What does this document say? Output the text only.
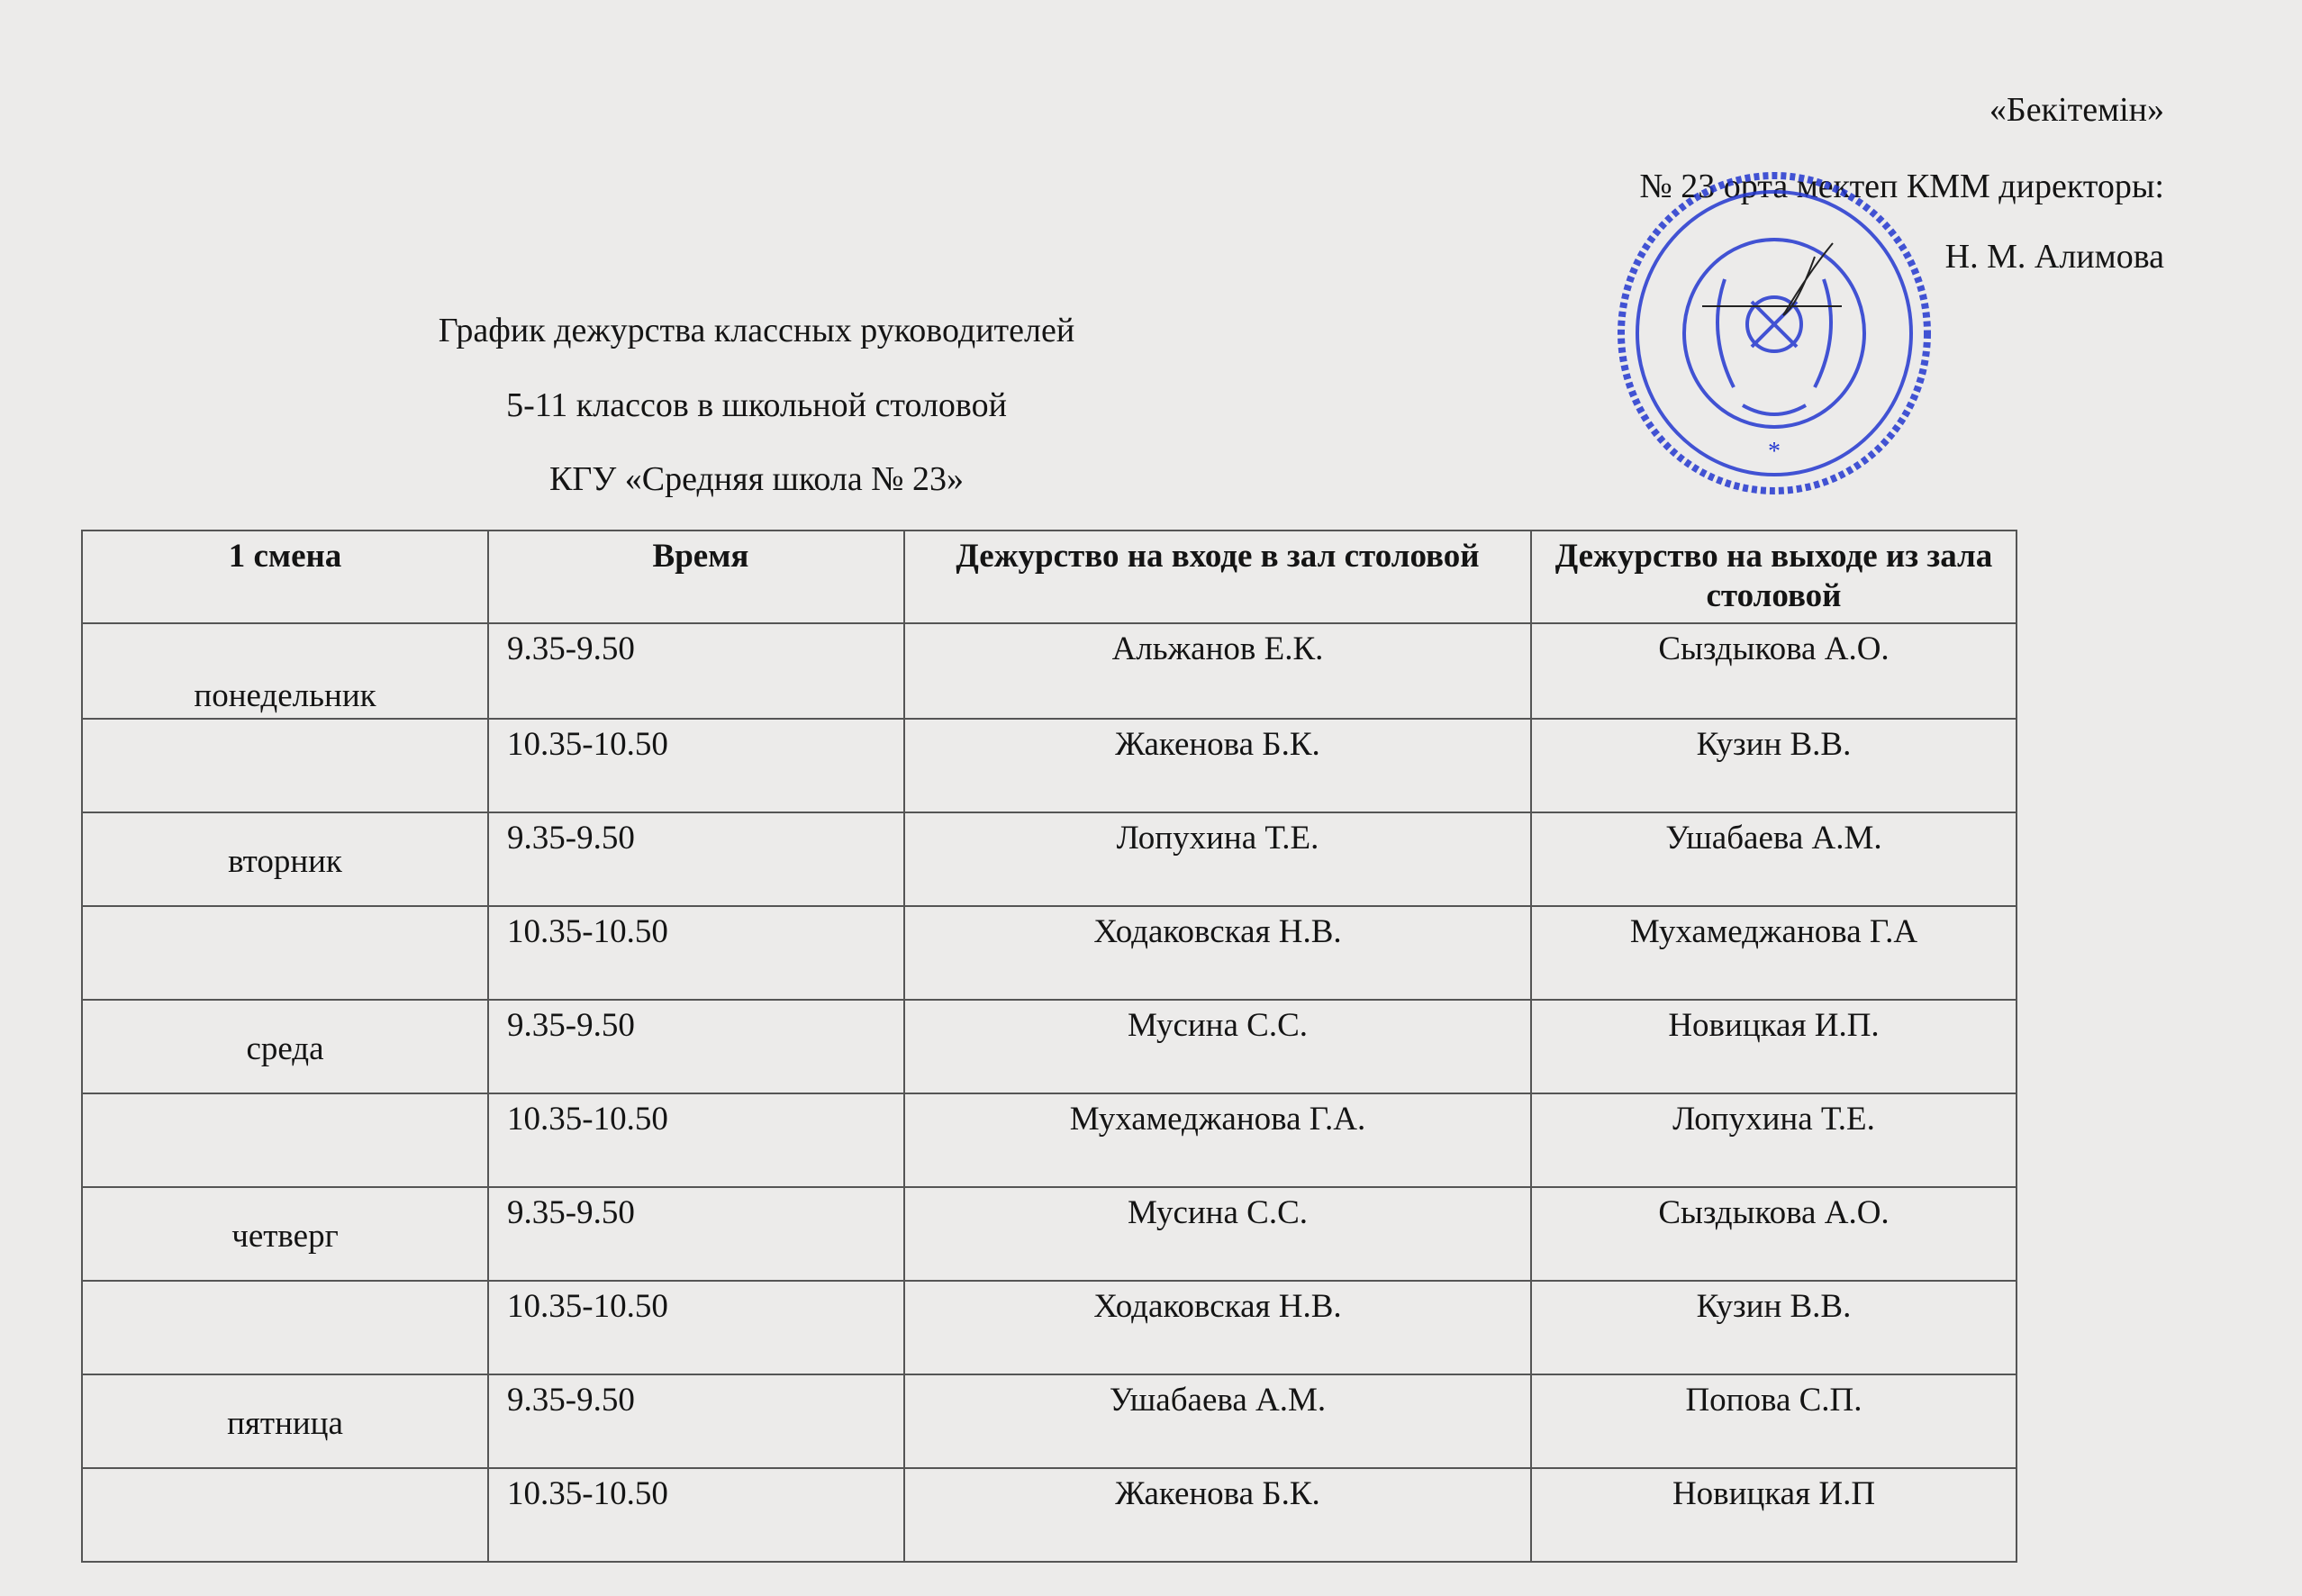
«Бекітемін»
№ 23 орта мектеп КММ директоры:
Н. М. Алимова
График дежурства классных руководителей
5-11 классов в школьной столовой
КГУ «Средняя школа № 23»
*
1 смена	Время	Дежурство на входе в зал столовой	Дежурство на выходе из зала столовой
понедельник	9.35-9.50	Альжанов Е.К.	Сыздыкова А.О.
	10.35-10.50	Жакенова Б.К.	Кузин В.В.
вторник	9.35-9.50	Лопухина Т.Е.	Ушабаева А.М.
	10.35-10.50	Ходаковская Н.В.	Мухамеджанова Г.А
среда	9.35-9.50	Мусина С.С.	Новицкая И.П.
	10.35-10.50	Мухамеджанова Г.А.	Лопухина Т.Е.
четверг	9.35-9.50	Мусина С.С.	Сыздыкова А.О.
	10.35-10.50	Ходаковская Н.В.	Кузин В.В.
пятница	9.35-9.50	Ушабаева А.М.	Попова С.П.
	10.35-10.50	Жакенова Б.К.	Новицкая И.П
